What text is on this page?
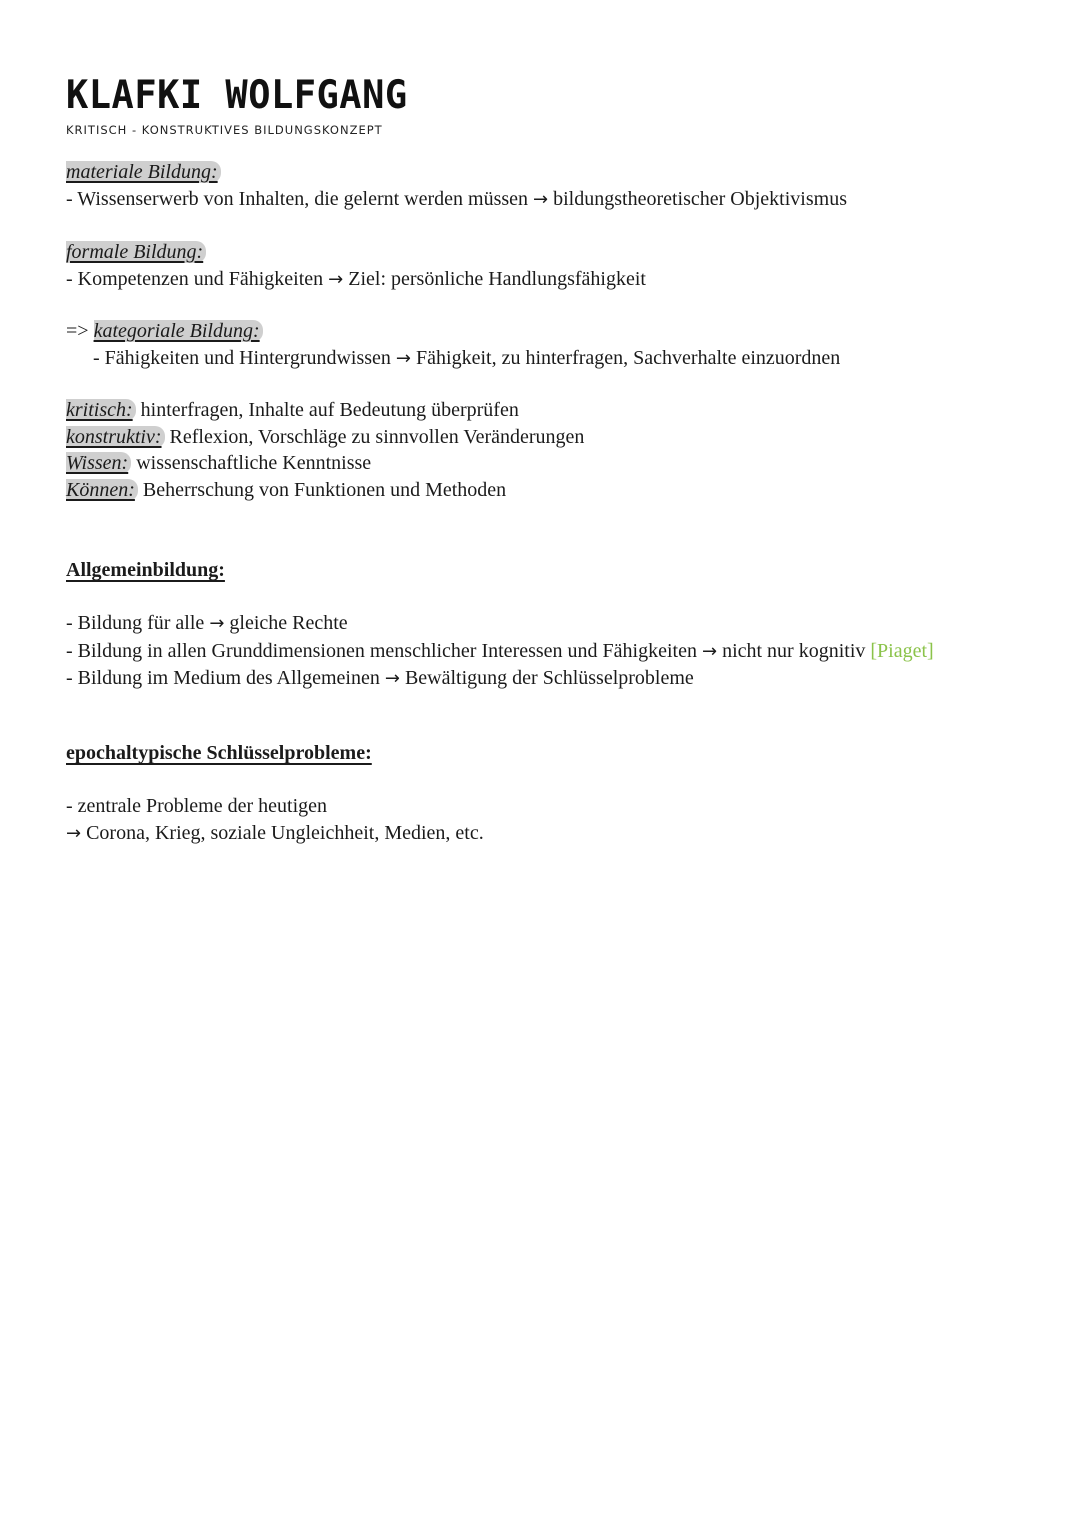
KLAFKI WOLFGANG
KRITISCH - KONSTRUKTIVES BILDUNGSKONZEPT
materiale Bildung:
- Wissenserwerb von Inhalten, die gelernt werden müssen → bildungstheoretischer Objektivismus
formale Bildung:
- Kompetenzen und Fähigkeiten → Ziel: persönliche Handlungsfähigkeit
=> kategoriale Bildung:
- Fähigkeiten und Hintergrundwissen → Fähigkeit, zu hinterfragen, Sachverhalte einzuordnen
kritisch: hinterfragen, Inhalte auf Bedeutung überprüfen
konstruktiv: Reflexion, Vorschläge zu sinnvollen Veränderungen
Wissen: wissenschaftliche Kenntnisse
Können: Beherrschung von Funktionen und Methoden
Allgemeinbildung:
- Bildung für alle → gleiche Rechte
- Bildung in allen Grunddimensionen menschlicher Interessen und Fähigkeiten → nicht nur kognitiv [Piaget]
- Bildung im Medium des Allgemeinen → Bewältigung der Schlüsselprobleme
epochaltypische Schlüsselprobleme:
- zentrale Probleme der heutigen
→ Corona, Krieg, soziale Ungleichheit, Medien, etc.
